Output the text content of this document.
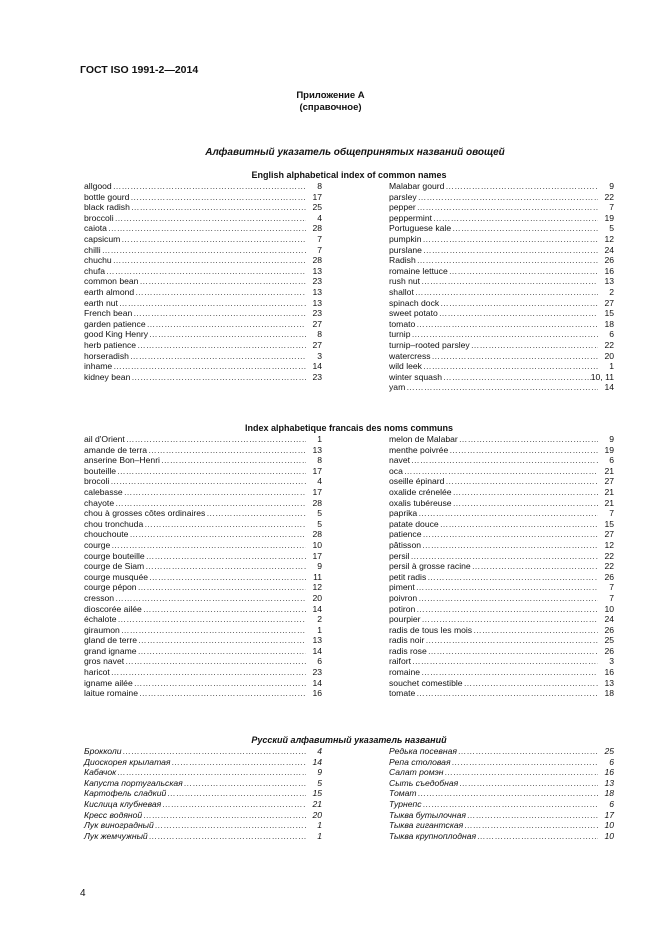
ГОСТ ISO 1991-2—2014
Приложение А
(справочное)
Алфавитный указатель общепринятых названий овощей
English alphabetical index of common names
allgood …………………………………………………………………………………………………………	8
bottle gourd …………………………………………………………………………………………………………	17
black radish …………………………………………………………………………………………………………	25
broccoli …………………………………………………………………………………………………………	4
caiota …………………………………………………………………………………………………………	28
capsicum …………………………………………………………………………………………………………	7
chilli …………………………………………………………………………………………………………	7
chuchu …………………………………………………………………………………………………………	28
chufa …………………………………………………………………………………………………………	13
common bean …………………………………………………………………………………………………………	23
earth almond …………………………………………………………………………………………………………	13
earth nut …………………………………………………………………………………………………………	13
French bean …………………………………………………………………………………………………………	23
garden patience …………………………………………………………………………………………………………	27
good King Henry …………………………………………………………………………………………………………	8
herb patience …………………………………………………………………………………………………………	27
horseradish …………………………………………………………………………………………………………	3
inhame …………………………………………………………………………………………………………	14
kidney bean …………………………………………………………………………………………………………	23
Malabar gourd …………………………………………………………………………………………………………	9
parsley …………………………………………………………………………………………………………	22
pepper …………………………………………………………………………………………………………	7
peppermint …………………………………………………………………………………………………………	19
Portuguese kale …………………………………………………………………………………………………………	5
pumpkin …………………………………………………………………………………………………………	12
purslane …………………………………………………………………………………………………………	24
Radish …………………………………………………………………………………………………………	26
romaine lettuce …………………………………………………………………………………………………………	16
rush nut …………………………………………………………………………………………………………	13
shallot …………………………………………………………………………………………………………	2
spinach dock …………………………………………………………………………………………………………	27
sweet potato …………………………………………………………………………………………………………	15
tomato …………………………………………………………………………………………………………	18
turnip …………………………………………………………………………………………………………	6
turnip–rooted parsley …………………………………………………………………………………………………………	22
watercress …………………………………………………………………………………………………………	20
wild leek …………………………………………………………………………………………………………	1
winter squash …………………………………………………………………………………………………………	10, 11
yam …………………………………………………………………………………………………………	14
Index alphabetique francais des noms communs
ail d'Orient …………………………………………………………………………………………………………	1
amande de terra …………………………………………………………………………………………………………	13
anserine Bon–Henri …………………………………………………………………………………………………………	8
bouteille …………………………………………………………………………………………………………	17
brocoli …………………………………………………………………………………………………………	4
calebasse …………………………………………………………………………………………………………	17
chayote …………………………………………………………………………………………………………	28
chou à grosses côtes ordinaires …………………………………………………………………………………………………………	5
chou tronchuda …………………………………………………………………………………………………………	5
chouchoute …………………………………………………………………………………………………………	28
courge …………………………………………………………………………………………………………	10
courge bouteille …………………………………………………………………………………………………………	17
courge de Siam …………………………………………………………………………………………………………	9
courge musquée …………………………………………………………………………………………………………	11
courge pépon …………………………………………………………………………………………………………	12
cresson …………………………………………………………………………………………………………	20
dioscorée ailée …………………………………………………………………………………………………………	14
échalote …………………………………………………………………………………………………………	2
giraumon …………………………………………………………………………………………………………	1
gland de terre …………………………………………………………………………………………………………	13
grand igname …………………………………………………………………………………………………………	14
gros navet …………………………………………………………………………………………………………	6
haricot …………………………………………………………………………………………………………	23
igname ailée …………………………………………………………………………………………………………	14
laitue romaine …………………………………………………………………………………………………………	16
melon de Malabar …………………………………………………………………………………………………………	9
menthe poivrée …………………………………………………………………………………………………………	19
navet …………………………………………………………………………………………………………	6
oca …………………………………………………………………………………………………………	21
oseille épinard …………………………………………………………………………………………………………	27
oxalide crénelée …………………………………………………………………………………………………………	21
oxalis tubéreuse …………………………………………………………………………………………………………	21
paprika …………………………………………………………………………………………………………	7
patate douce …………………………………………………………………………………………………………	15
patience …………………………………………………………………………………………………………	27
pâtisson …………………………………………………………………………………………………………	12
persil …………………………………………………………………………………………………………	22
persil à grosse racine …………………………………………………………………………………………………………	22
petit radis …………………………………………………………………………………………………………	26
piment …………………………………………………………………………………………………………	7
poivron …………………………………………………………………………………………………………	7
potiron …………………………………………………………………………………………………………	10
pourpier …………………………………………………………………………………………………………	24
radis de tous les mois …………………………………………………………………………………………………………	26
radis noir …………………………………………………………………………………………………………	25
radis rose …………………………………………………………………………………………………………	26
raifort …………………………………………………………………………………………………………	3
romaine …………………………………………………………………………………………………………	16
souchet comestible …………………………………………………………………………………………………………	13
tomate …………………………………………………………………………………………………………	18
Русский алфавитный указатель названий
Брокколи …………………………………………………………………………………………………………	4
Диоскорея крылатая …………………………………………………………………………………………………………	14
Кабачок …………………………………………………………………………………………………………	9
Капуста португальская …………………………………………………………………………………………………………	5
Картофель сладкий …………………………………………………………………………………………………………	15
Кислица клубневая …………………………………………………………………………………………………………	21
Кресс водяной …………………………………………………………………………………………………………	20
Лук виноградный …………………………………………………………………………………………………………	1
Лук жемчужный …………………………………………………………………………………………………………	1
Редька посевная …………………………………………………………………………………………………………	25
Репа столовая …………………………………………………………………………………………………………	6
Салат ромэн …………………………………………………………………………………………………………	16
Сыть съедобная …………………………………………………………………………………………………………	13
Томат …………………………………………………………………………………………………………	18
Турнепс …………………………………………………………………………………………………………	6
Тыква бутылочная …………………………………………………………………………………………………………	17
Тыква гигантская …………………………………………………………………………………………………………	10
Тыква крупноплодная …………………………………………………………………………………………………………	10
4
